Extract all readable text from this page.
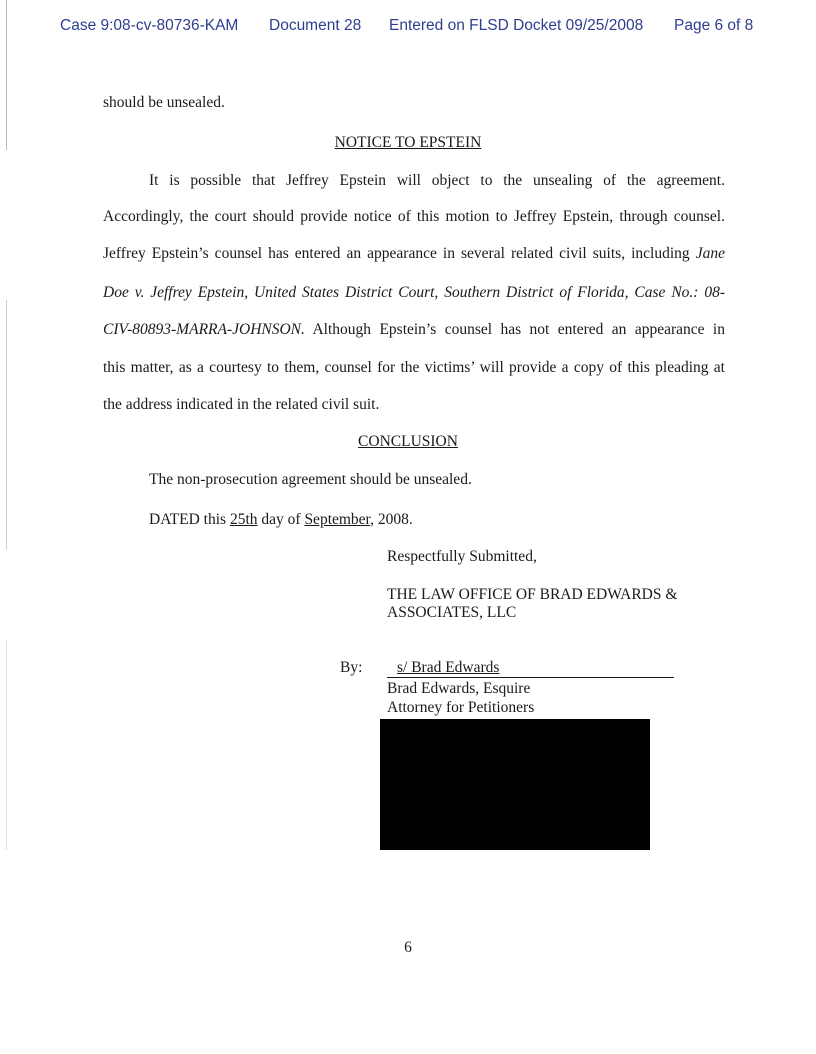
Case 9:08-cv-80736-KAM Document 28 Entered on FLSD Docket 09/25/2008 Page 6 of 8
should be unsealed.
NOTICE TO EPSTEIN
It is possible that Jeffrey Epstein will object to the unsealing of the agreement.
Accordingly, the court should provide notice of this motion to Jeffrey Epstein, through counsel.
Jeffrey Epstein’s counsel has entered an appearance in several related civil suits, including Jane
Doe v. Jeffrey Epstein, United States District Court, Southern District of Florida, Case No.: 08-
CIV-80893-MARRA-JOHNSON. Although Epstein’s counsel has not entered an appearance in
this matter, as a courtesy to them, counsel for the victims’ will provide a copy of this pleading at
the address indicated in the related civil suit.
CONCLUSION
The non-prosecution agreement should be unsealed.
DATED this 25th day of September, 2008.
Respectfully Submitted,
THE LAW OFFICE OF BRAD EDWARDS &
ASSOCIATES, LLC
By: s/ Brad Edwards
Brad Edwards, Esquire
Attorney for Petitioners
6
